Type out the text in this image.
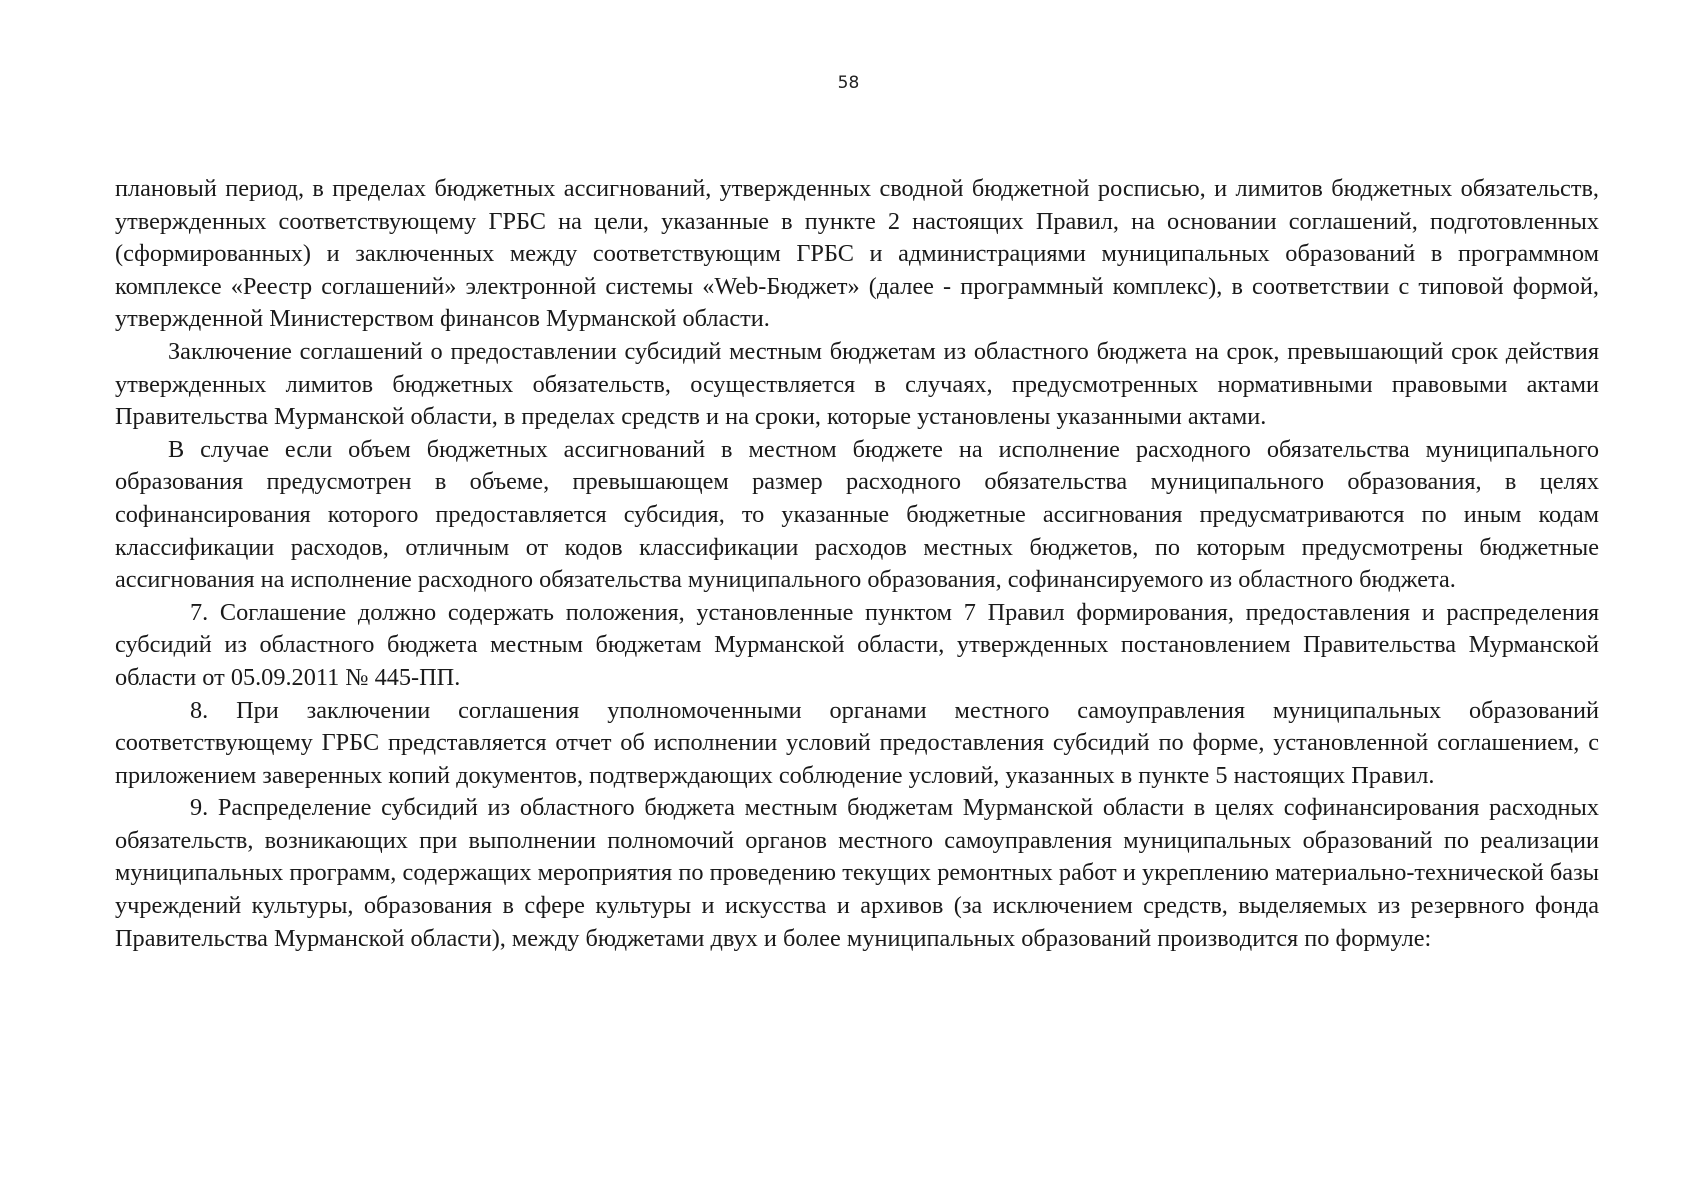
58

плановый период, в пределах бюджетных ассигнований, утвержденных сводной бюджетной росписью, и лимитов бюджетных обязательств, утвержденных соответствующему ГРБС на цели, указанные в пункте 2 настоящих Правил, на основании соглашений, подготовленных (сформированных) и заключенных между соответствующим ГРБС и администрациями муниципальных образований в программном комплексе «Реестр соглашений» электронной системы «Web-Бюджет» (далее - программный комплекс), в соответствии с типовой формой, утвержденной Министерством финансов Мурманской области.

Заключение соглашений о предоставлении субсидий местным бюджетам из областного бюджета на срок, превышающий срок действия утвержденных лимитов бюджетных обязательств, осуществляется в случаях, предусмотренных нормативными правовыми актами Правительства Мурманской области, в пределах средств и на сроки, которые установлены указанными актами.

В случае если объем бюджетных ассигнований в местном бюджете на исполнение расходного обязательства муниципального образования предусмотрен в объеме, превышающем размер расходного обязательства муниципального образования, в целях софинансирования которого предоставляется субсидия, то указанные бюджетные ассигнования предусматриваются по иным кодам классификации расходов, отличным от кодов классификации расходов местных бюджетов, по которым предусмотрены бюджетные ассигнования на исполнение расходного обязательства муниципального образования, софинансируемого из областного бюджета.

7. Соглашение должно содержать положения, установленные пунктом 7 Правил формирования, предоставления и распределения субсидий из областного бюджета местным бюджетам Мурманской области, утвержденных постановлением Правительства Мурманской области от 05.09.2011 № 445-ПП.

8. При заключении соглашения уполномоченными органами местного самоуправления муниципальных образований соответствующему ГРБС представляется отчет об исполнении условий предоставления субсидий по форме, установленной соглашением, с приложением заверенных копий документов, подтверждающих соблюдение условий, указанных в пункте 5 настоящих Правил.

9. Распределение субсидий из областного бюджета местным бюджетам Мурманской области в целях софинансирования расходных обязательств, возникающих при выполнении полномочий органов местного самоуправления муниципальных образований по реализации муниципальных программ, содержащих мероприятия по проведению текущих ремонтных работ и укреплению материально-технической базы учреждений культуры, образования в сфере культуры и искусства и архивов (за исключением средств, выделяемых из резервного фонда Правительства Мурманской области), между бюджетами двух и более муниципальных образований производится по формуле:
